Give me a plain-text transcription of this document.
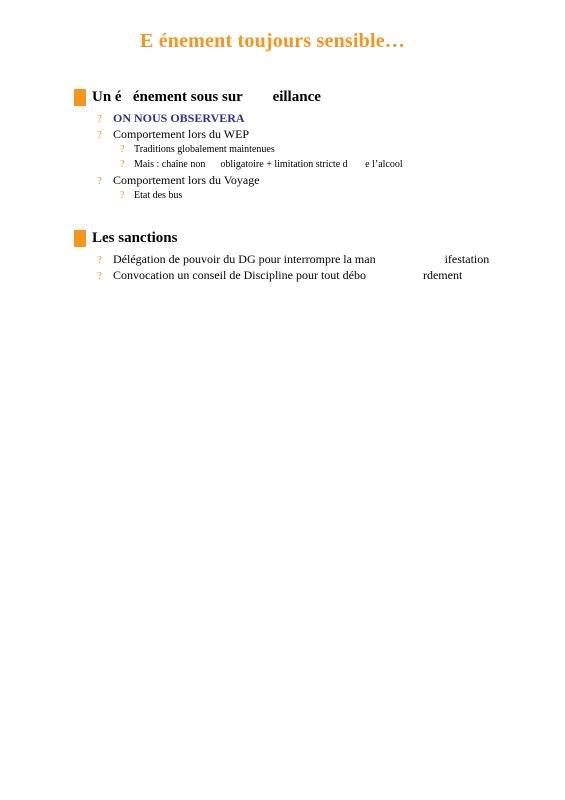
E énement toujours sensible…
Un é   énement sous sur        eillance
? ON NOUS OBSERVERA
? Comportement lors du WEP
? Traditions globalement maintenues
? Mais : chaîne non      obligatoire + limitation stricte d       e l’alcool
? Comportement lors du Voyage
? Etat des bus
Les sanctions
? Délégation de pouvoir du DG pour interrompre la man                       ifestation
? Convocation un conseil de Discipline pour tout débo                   rdement
